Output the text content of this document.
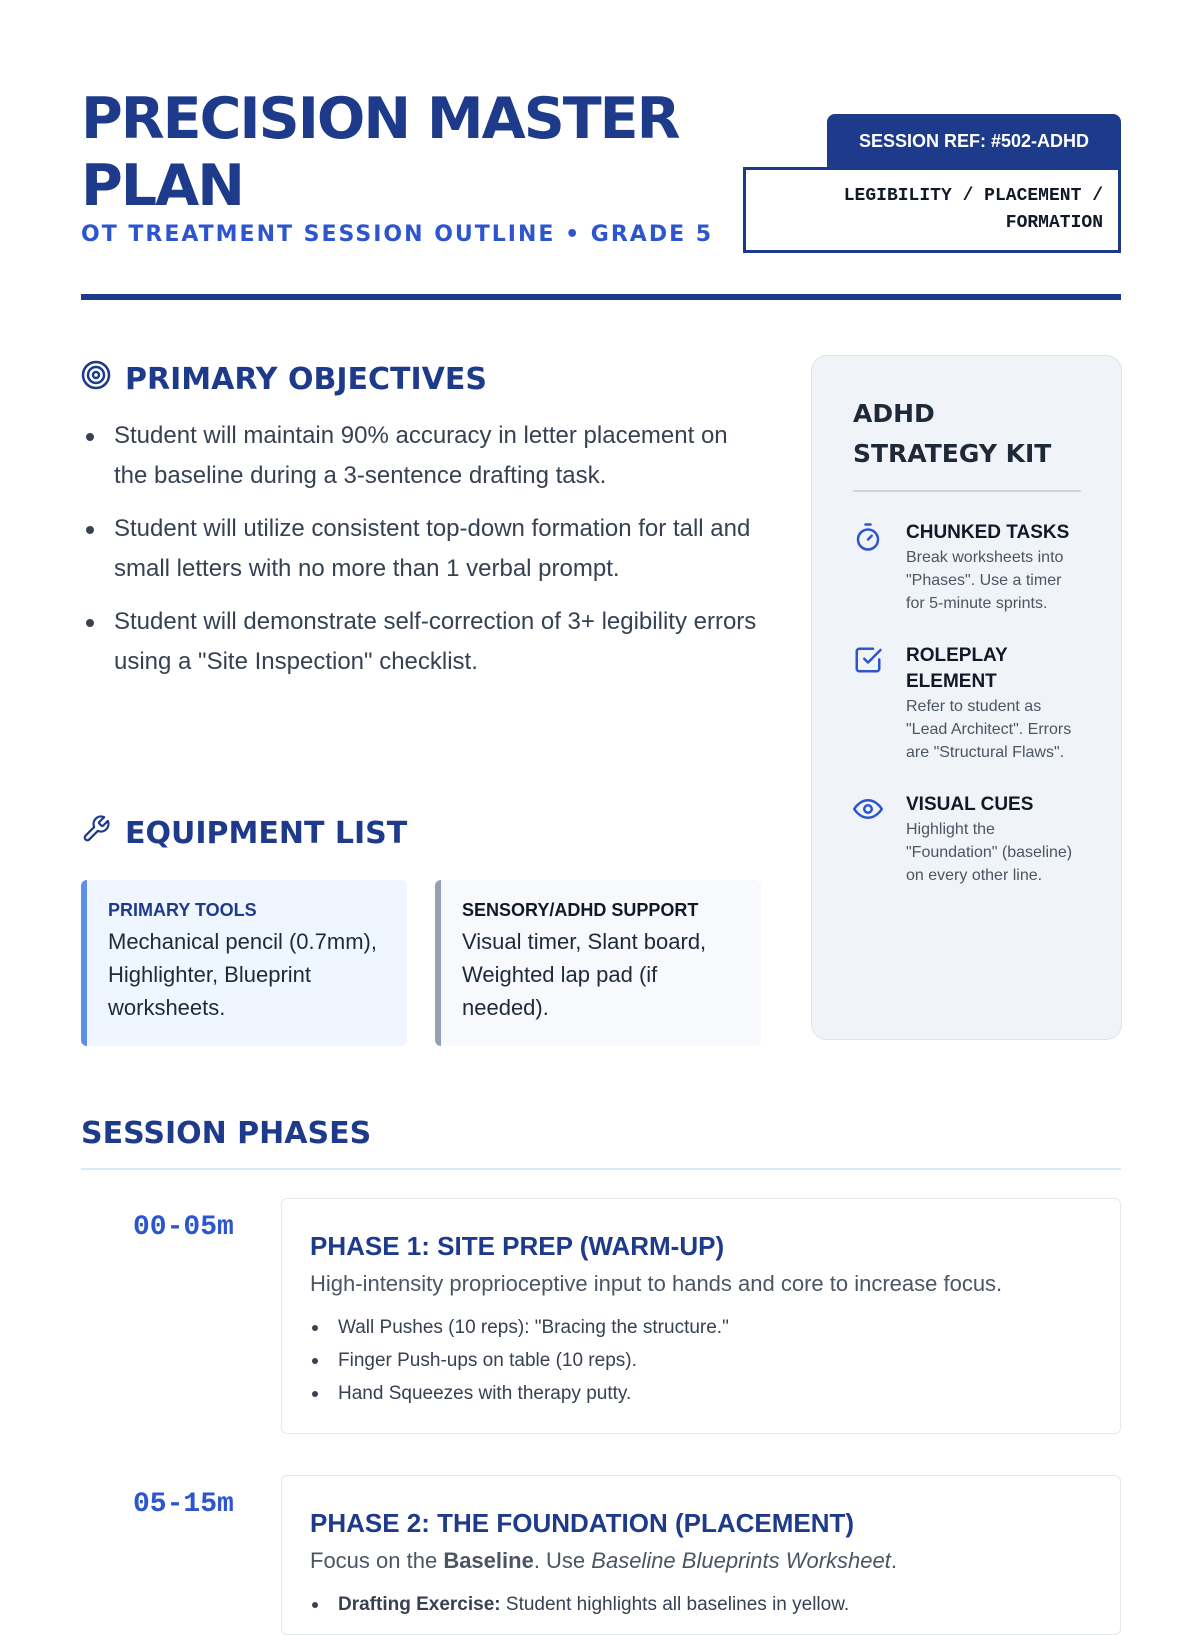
PRECISION MASTER PLAN
OT TREATMENT SESSION OUTLINE • GRADE 5
SESSION REF: #502-ADHD
LEGIBILITY / PLACEMENT / FORMATION
PRIMARY OBJECTIVES
Student will maintain 90% accuracy in letter placement on the baseline during a 3-sentence drafting task.
Student will utilize consistent top-down formation for tall and small letters with no more than 1 verbal prompt.
Student will demonstrate self-correction of 3+ legibility errors using a "Site Inspection" checklist.
EQUIPMENT LIST
PRIMARY TOOLS
Mechanical pencil (0.7mm), Highlighter, Blueprint worksheets.
SENSORY/ADHD SUPPORT
Visual timer, Slant board, Weighted lap pad (if needed).
ADHD STRATEGY KIT
CHUNKED TASKS
Break worksheets into "Phases". Use a timer for 5-minute sprints.
ROLEPLAY ELEMENT
Refer to student as "Lead Architect". Errors are "Structural Flaws".
VISUAL CUES
Highlight the "Foundation" (baseline) on every other line.
SESSION PHASES
00-05m
PHASE 1: SITE PREP (WARM-UP)
High-intensity proprioceptive input to hands and core to increase focus.
Wall Pushes (10 reps): "Bracing the structure."
Finger Push-ups on table (10 reps).
Hand Squeezes with therapy putty.
05-15m
PHASE 2: THE FOUNDATION (PLACEMENT)
Focus on the Baseline. Use Baseline Blueprints Worksheet.
Drafting Exercise: Student highlights all baselines in yellow.
